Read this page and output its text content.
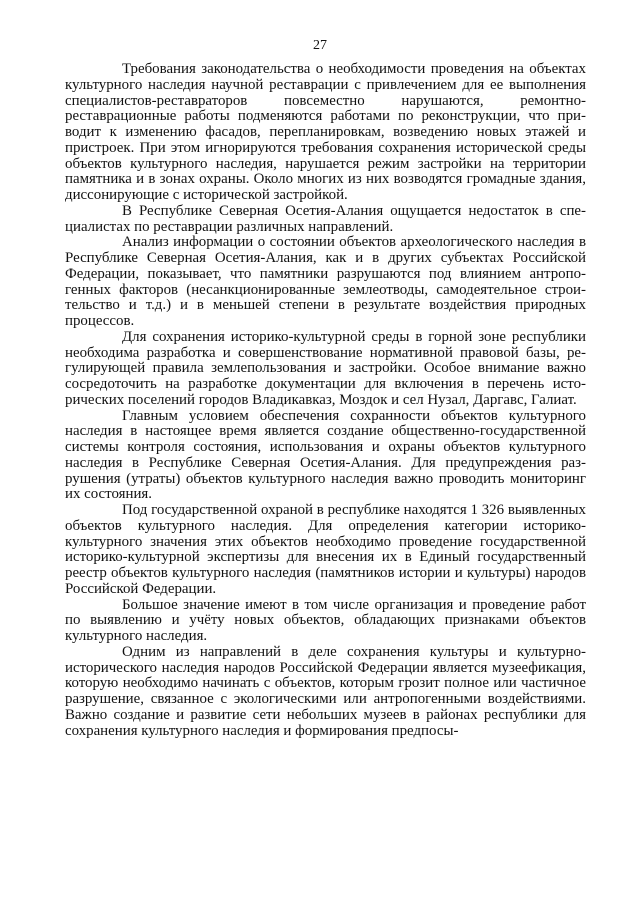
27

Требования законодательства о необходимости проведения на объектах культурного наследия научной реставрации с привлечением для ее выполнения специалистов-реставраторов повсеместно нарушаются, ремонтно-реставрационные работы подменяются работами по реконструкции, что приводит к изменению фасадов, перепланировкам, возведению новых этажей и пристроек. При этом игнорируются требования сохранения исторической среды объектов культурного наследия, нарушается режим застройки на территории памятника и в зонах охраны. Около многих из них возводятся громадные здания, диссонирующие с исторической застройкой.

В Республике Северная Осетия-Алания ощущается недостаток в специалистах по реставрации различных направлений.

Анализ информации о состоянии объектов археологического наследия в Республике Северная Осетия-Алания, как и в других субъектах Российской Федерации, показывает, что памятники разрушаются под влиянием антропогенных факторов (несанкционированные землеотводы, самодеятельное строительство и т.д.) и в меньшей степени в результате воздействия природных процессов.

Для сохранения историко-культурной среды в горной зоне республики необходима разработка и совершенствование нормативной правовой базы, регулирующей правила землепользования и застройки. Особое внимание важно сосредоточить на разработке документации для включения в перечень исторических поселений городов Владикавказ, Моздок и сел Нузал, Даргавс, Галиат.

Главным условием обеспечения сохранности объектов культурного наследия в настоящее время является создание общественно-государственной системы контроля состояния, использования и охраны объектов культурного наследия в Республике Северная Осетия-Алания. Для предупреждения разрушения (утраты) объектов культурного наследия важно проводить мониторинг их состояния.

Под государственной охраной в республике находятся 1 326 выявленных объектов культурного наследия. Для определения категории историко-культурного значения этих объектов необходимо проведение государственной историко-культурной экспертизы для внесения их в Единый государственный реестр объектов культурного наследия (памятников истории и культуры) народов Российской Федерации.

Большое значение имеют в том числе организация и проведение работ по выявлению и учёту новых объектов, обладающих признаками объектов культурного наследия.

Одним из направлений в деле сохранения культуры и культурно-исторического наследия народов Российской Федерации является музеефикация, которую необходимо начинать с объектов, которым грозит полное или частичное разрушение, связанное с экологическими или антропогенными воздействиями. Важно создание и развитие сети небольших музеев в районах республики для сохранения культурного наследия и формирования предпосы-
